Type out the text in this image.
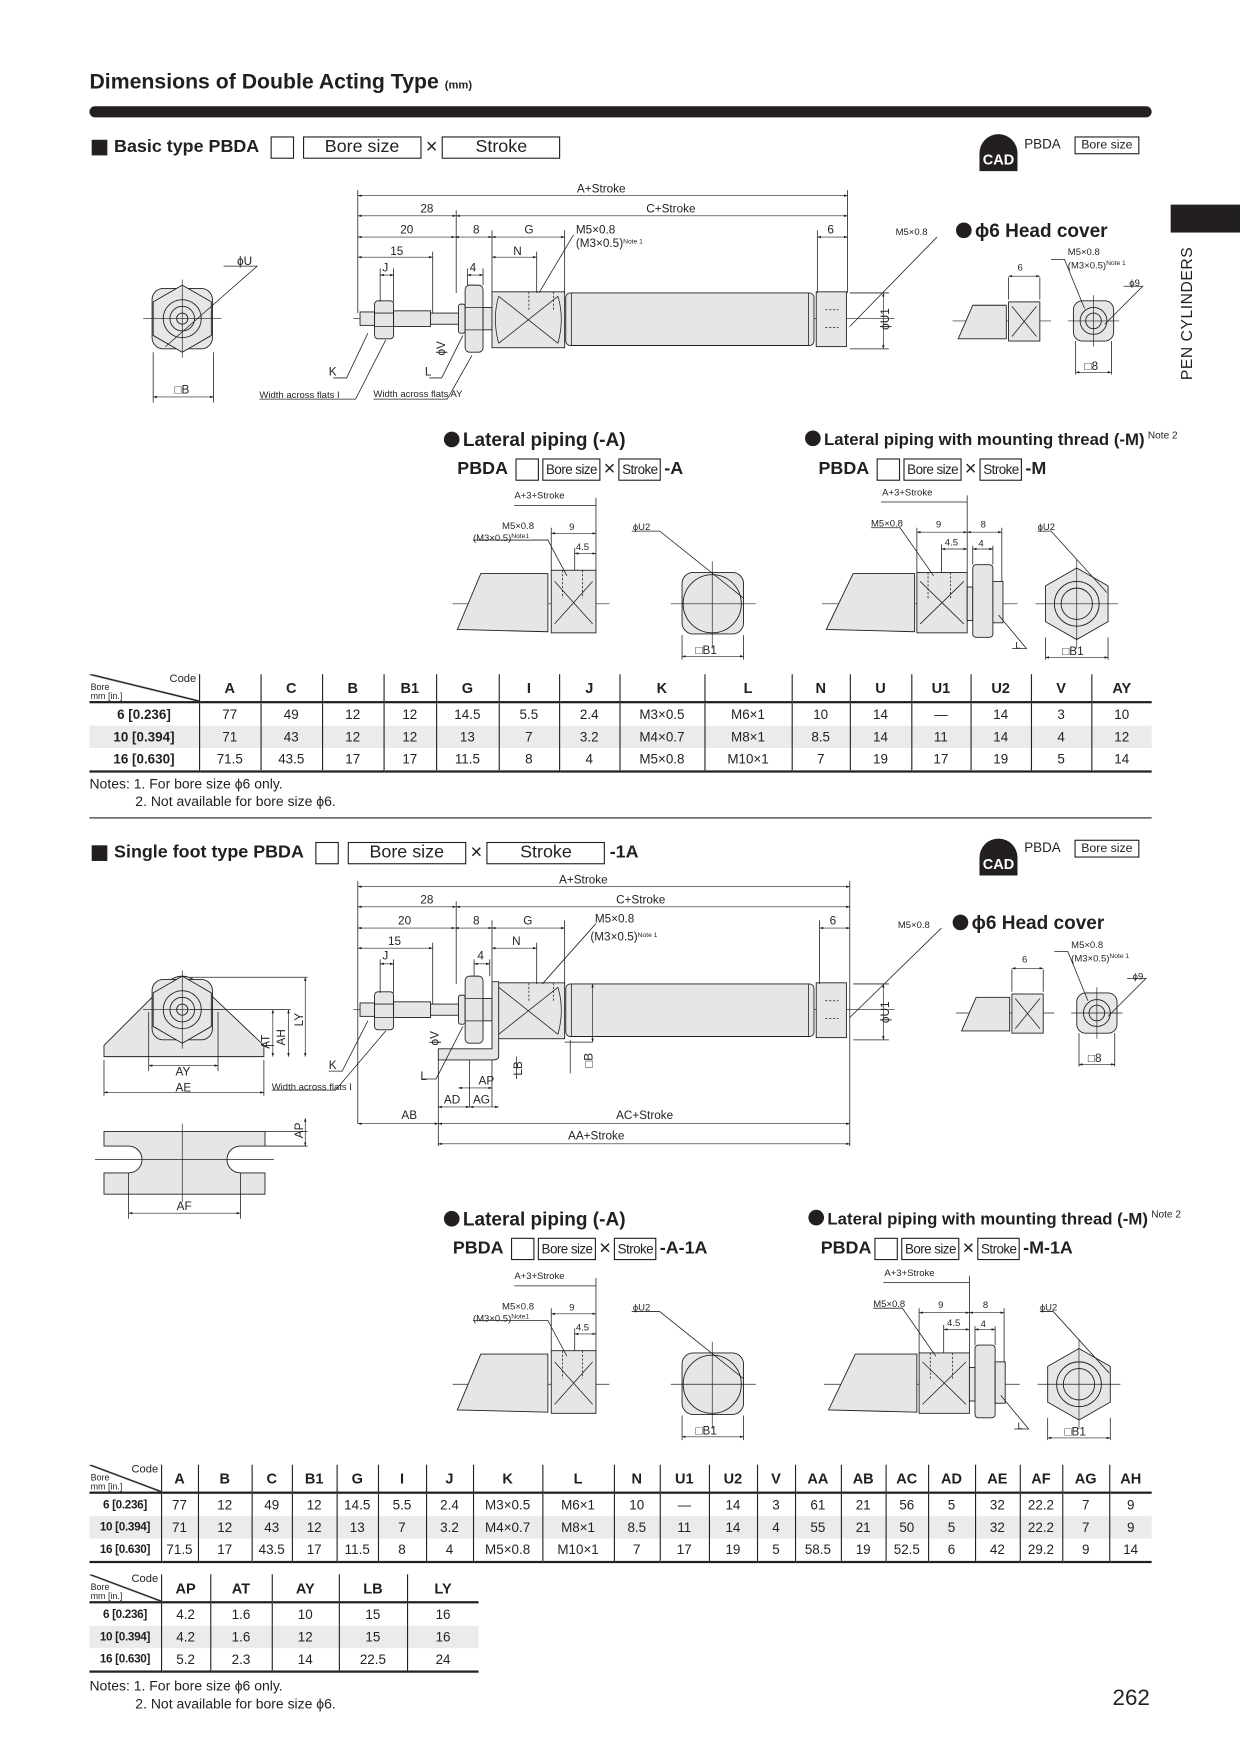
Dimensions of Double Acting Type (mm)
PEN CYLINDERS
Basic type PBDA	Bore size	×	Stroke
CAD
PBDA	Bore size
ϕ6 Head cover
Lateral piping (-A)
PBDA	Bore size × Stroke -A
Lateral piping with mounting thread (-M) $^{Note 2}$
PBDA	Bore size × Stroke -M
Code
Bore mm [in.]	A	C	B	B1	G	I	J	K	L	N	U	U1	U2	V	AY
6 [0.236]	77	49	12	12	14.5	5.5	2.4	M3×0.5	M6×1	10	14	—	14	3	10
10 [0.394]	71	43	12	12	13	7	3.2	M4×0.7	M8×1	8.5	14	11	14	4	12
16 [0.630]	71.5	43.5	17	17	11.5	8	4	M5×0.8	M10×1	7	19	17	19	5	14
Notes: 1. For bore size ϕ6 only.
2. Not available for bore size ϕ6.
Single foot type PBDA	Bore size	×	Stroke	-1A
CAD
PBDA	Bore size
ϕ6 Head cover
Lateral piping (-A)
PBDA	Bore size × Stroke -A-1A
Lateral piping with mounting thread (-M) $^{Note 2}$
PBDA	Bore size × Stroke -M-1A
Code
Bore mm [in.]	A	B	C	B1	G	I	J	K	L	N	U1	U2	V	AA	AB	AC	AD	AE	AF	AG	AH
6 [0.236]	77	12	49	12	14.5	5.5	2.4	M3×0.5	M6×1	10	—	14	3	61	21	56	5	32	22.2	7	9
10 [0.394]	71	12	43	12	13	7	3.2	M4×0.7	M8×1	8.5	11	14	4	55	21	50	5	32	22.2	7	9
16 [0.630]	71.5	17	43.5	17	11.5	8	4	M5×0.8	M10×1	7	17	19	5	58.5	19	52.5	6	42	29.2	9	14
Code
Bore mm [in.]	AP	AT	AY	LB	LY
6 [0.236]	4.2	1.6	10	15	16
10 [0.394]	4.2	1.6	12	15	16
16 [0.630]	5.2	2.3	14	22.5	24
Notes: 1. For bore size ϕ6 only.
2. Not available for bore size ϕ6.	262
A+Stroke
28	C+Stroke
20	8	G	M5×0.8
$(M3\times 0.5)^{Note 1}$
6
15	N
J	4
M5×0.8
ϕU1
ϕV
K
Width across flats I
L
Width across flats AY
ϕU
□B
M5×0.8
$(M3\times 0.5)^{Note 1}$
ϕ9
6
□8
A+3+Stroke
M5×0.8
$(M3\times 0.5)^{Note1}$
9
4.5
ϕU2
□B1
A+3+Stroke
M5×0.8	9	8
4.5 4
ϕU2
L	□B1
A+Stroke
28	C+Stroke
20	8	G	M5×0.8
$(M3\times 0.5)^{Note 1}$
6
15	N
J	4
M5×0.8
ϕU1
ϕV
K
Width across flats I
L
□B
LB
AP
AD AG
AB	AC+Stroke
AA+Stroke
AT AH
LY
AY
AE
AP
AF
M5×0.8
$(M3\times 0.5)^{Note 1}$
ϕ9
6
□8
A+3+Stroke
M5×0.8
$(M3\times 0.5)^{Note1}$
9
4.5
ϕU2
□B1
A+3+Stroke
M5×0.8	9	8
4.5 4
ϕU2
L	□B1
